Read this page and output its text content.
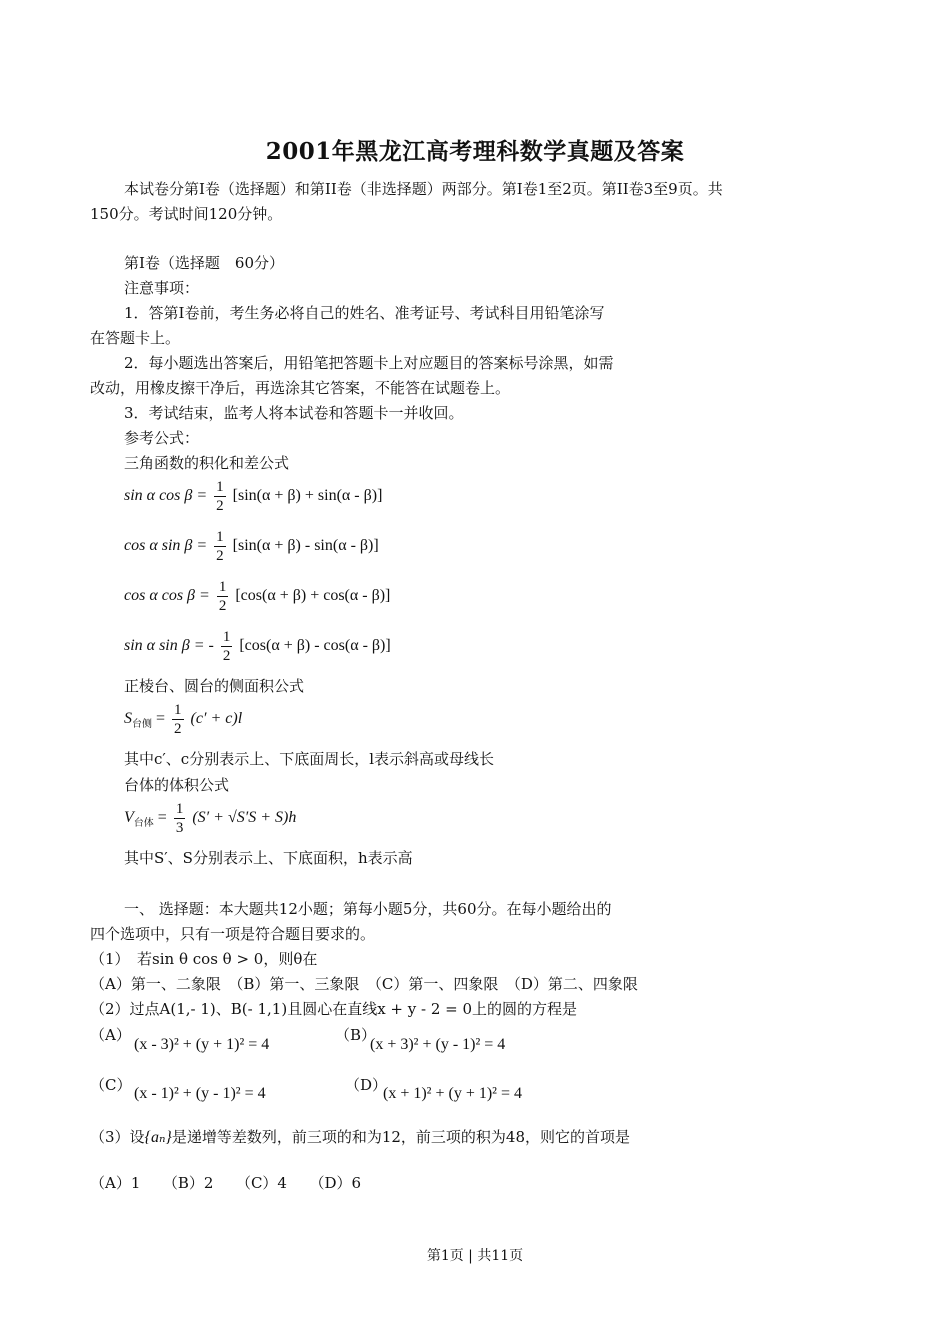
2001年黑龙江高考理科数学真题及答案
本试卷分第Ⅰ卷（选择题）和第II卷（非选择题）两部分。第Ⅰ卷1至2页。第II卷3至9页。共
150分。考试时间120分钟。
第Ⅰ卷（选择题　60分）
注意事项：
1．答第Ⅰ卷前，考生务必将自己的姓名、准考证号、考试科目用铅笔涂写
在答题卡上。
2．每小题选出答案后，用铅笔把答题卡上对应题目的答案标号涂黑，如需
改动，用橡皮擦干净后，再选涂其它答案，不能答在试题卷上。
3．考试结束，监考人将本试卷和答题卡一并收回。
参考公式：
三角函数的积化和差公式
sin α $\cos \beta = \frac{1}{2} [\sin(\alpha + \beta) + \sin(\alpha - \beta)]$
cos α $\sin \beta = \frac{1}{2} [\sin(\alpha + \beta) - \sin(\alpha - \beta)]$
cos α $\cos \beta = \frac{1}{2} [\cos(\alpha + \beta) + \cos(\alpha - \beta)]$
sin α sin β = - $\frac{1}{2} [\cos(\alpha + \beta) - \cos(\alpha - \beta)]$
正棱台、圆台的侧面积公式
$S_{台侧} = \frac{1}{2} (c' + c)l$
其中c′、c分别表示上、下底面周长，l表示斜高或母线长
台体的体积公式
$V_{台体} = \frac{1}{3} (S' + √S'S + S)h$
其中S′、S分别表示上、下底面积，h表示高
一、 选择题：本大题共12小题；第每小题5分，共60分。在每小题给出的
四个选项中，只有一项是符合题目要求的。
（1）　若sin θ cos θ > 0，则θ在
（A）第一、二象限　（B）第一、三象限　（C）第一、四象限　（D）第二、四象限
（2）过点A(1,- 1)、B(- 1,1)且圆心在直线x + y - 2 = 0上的圆的方程是
（A）
(x - 3)² + (y + 1)² = 4
（B）
(x + 3)² + (y - 1)² = 4
（C） (x - 1)² + (y - 1)² = 4	（D）
(x + 1)² + (y + 1)² = 4
（3）设{aₙ}是递增等差数列，前三项的和为12，前三项的积为48，则它的首项是
（A）1　　（B）2　　（C）4　　（D）6
第1页 | 共11页
